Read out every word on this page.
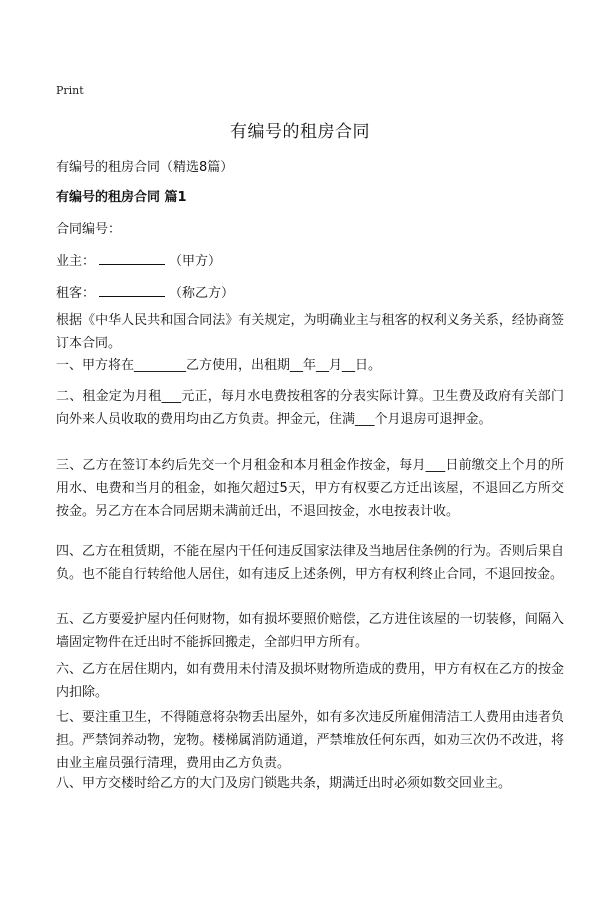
Print
有编号的租房合同
有编号的租房合同（精选8篇）
有编号的租房合同 篇1
合同编号：
业主：	（甲方）
租客：	（称乙方）
根据《中华人民共和国合同法》有关规定，为明确业主与租客的权利义务关系，经协商签订本合同。
一、甲方将在________乙方使用，出租期__年__月__日。
二、租金定为月租___元正，每月水电费按租客的分表实际计算。卫生费及政府有关部门向外来人员收取的费用均由乙方负责。押金元，住满___个月退房可退押金。
三、乙方在签订本约后先交一个月租金和本月租金作按金，每月___日前缴交上个月的所用水、电费和当月的租金，如拖欠超过5天，甲方有权要乙方迁出该屋，不退回乙方所交按金。另乙方在本合同居期未满前迁出，不退回按金，水电按表计收。
四、乙方在租赁期，不能在屋内干任何违反国家法律及当地居住条例的行为。否则后果自负。也不能自行转给他人居住，如有违反上述条例，甲方有权利终止合同，不退回按金。
五、乙方要爱护屋内任何财物，如有损坏要照价赔偿，乙方进住该屋的一切装修，间隔入墙固定物件在迁出时不能拆回搬走，全部归甲方所有。
六、乙方在居住期内，如有费用未付清及损坏财物所造成的费用，甲方有权在乙方的按金内扣除。
七、要注重卫生，不得随意将杂物丢出屋外，如有多次违反所雇佣清洁工人费用由违者负担。严禁饲养动物，宠物。楼梯属消防通道，严禁堆放任何东西，如劝三次仍不改进，将由业主雇员强行清理，费用由乙方负责。
八、甲方交楼时给乙方的大门及房门锁匙共条，期满迁出时必须如数交回业主。
